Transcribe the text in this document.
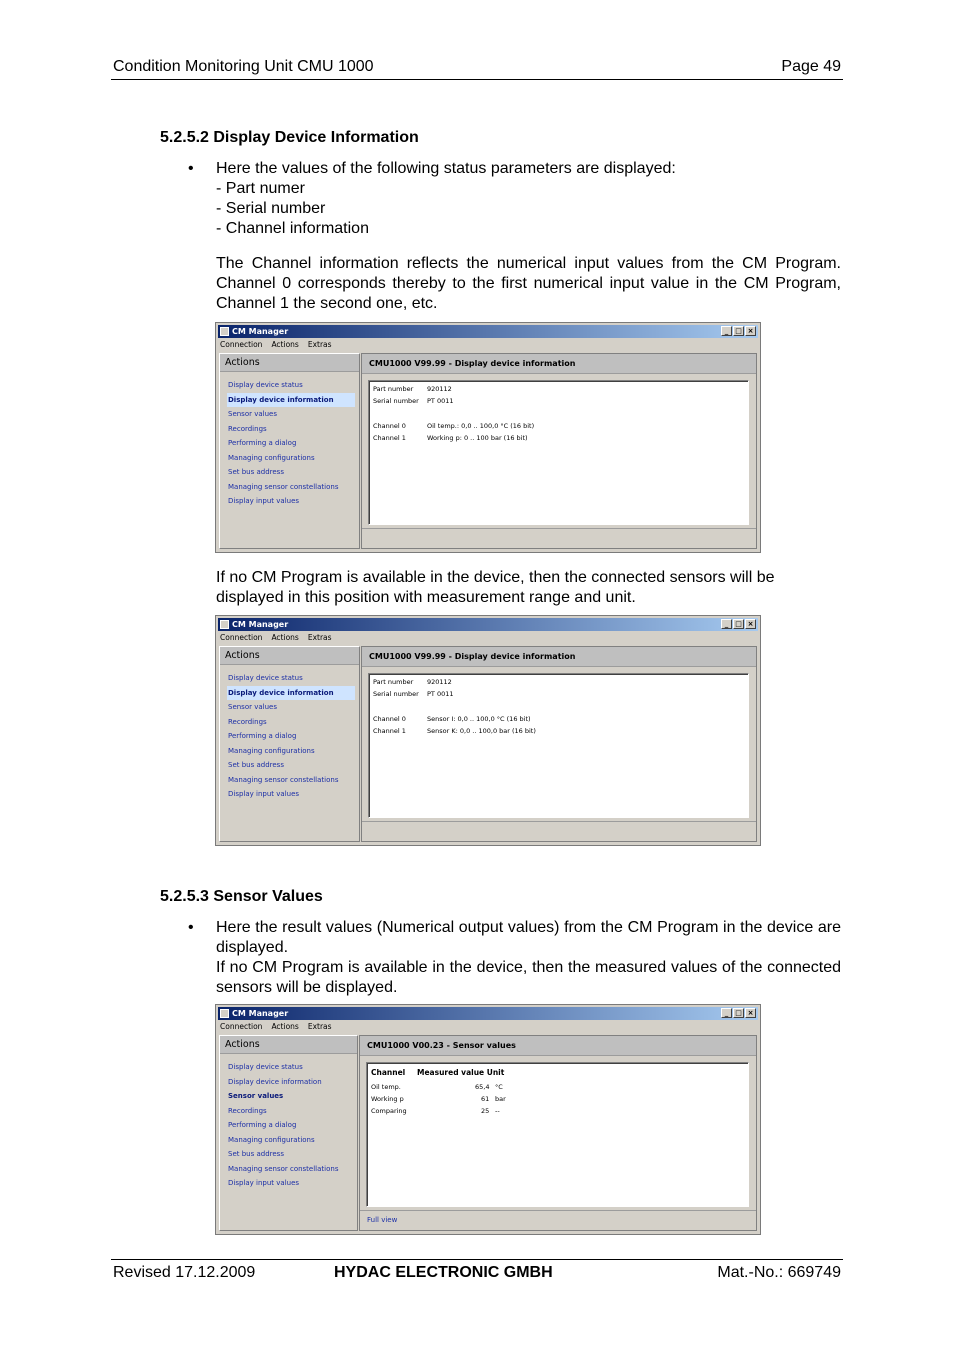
Condition Monitoring Unit CMU 1000	Page 49
5.2.5.2 Display Device Information
• Here the values of the following status parameters are displayed:
- Part numer
- Serial number
- Channel information
The Channel information reflects the numerical input values from the CM Program. Channel 0 corresponds thereby to the first numerical input value in the CM Program, Channel 1 the second one, etc.
CM Manager	_ □ ×
Connection Actions Extras
Actions
Display device status
Display device information
Sensor values
Recordings
Performing a dialog
Managing configurations
Set bus address
Managing sensor constellations
Display input values
CMU1000 V99.99 - Display device information
Part number 920112
Serial number PT 0011
Channel 0	Oil temp.: 0,0 .. 100,0 °C (16 bit)
Channel 1	Working p: 0 .. 100 bar (16 bit)
If no CM Program is available in the device, then the connected sensors will be displayed in this position with measurement range and unit.
CM Manager	_ □ ×
Connection Actions Extras
Actions
Display device status
Display device information
Sensor values
Recordings
Performing a dialog
Managing configurations
Set bus address
Managing sensor constellations
Display input values
CMU1000 V99.99 - Display device information
Part number 920112
Serial number PT 0011
Channel 0	Sensor I: 0,0 .. 100,0 °C (16 bit)
Channel 1	Sensor K: 0,0 .. 100,0 bar (16 bit)
5.2.5.3 Sensor Values
• Here the result values (Numerical output values) from the CM Program in the device are displayed.
If no CM Program is available in the device, then the measured values of the connected sensors will be displayed.
CM Manager	_ □ ×
Connection Actions Extras
Actions
Display device status
Display device information
Sensor values
Recordings
Performing a dialog
Managing configurations
Set bus address
Managing sensor constellations
Display input values
CMU1000 V00.23 - Sensor values
Channel Measured value Unit
Oil temp.	65,4 °C
Working p	61 bar
Comparing	25 --
Full view
Revised 17.12.2009	HYDAC ELECTRONIC GMBH	Mat.-No.: 669749
